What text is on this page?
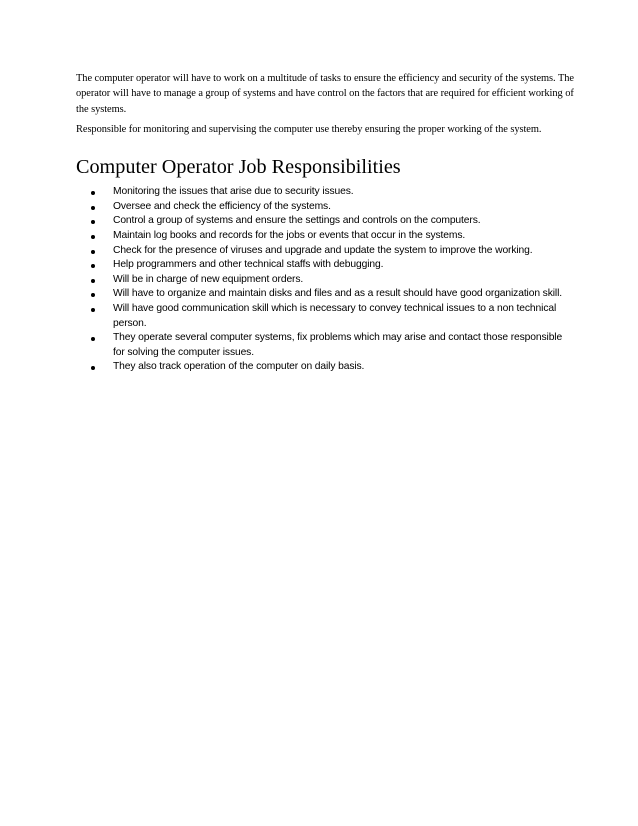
The computer operator will have to work on a multitude of tasks to ensure the efficiency and security of the systems. The operator will have to manage a group of systems and have control on the factors that are required for efficient working of the systems.

Responsible for monitoring and supervising the computer use thereby ensuring the proper working of the system.

Computer Operator Job Responsibilities
Monitoring the issues that arise due to security issues.
Oversee and check the efficiency of the systems.
Control a group of systems and ensure the settings and controls on the computers.
Maintain log books and records for the jobs or events that occur in the systems.
Check for the presence of viruses and upgrade and update the system to improve the working.
Help programmers and other technical staffs with debugging.
Will be in charge of new equipment orders.
Will have to organize and maintain disks and files and as a result should have good organization skill.
Will have good communication skill which is necessary to convey technical issues to a non technical person.
They operate several computer systems, fix problems which may arise and contact those responsible for solving the computer issues.
They also track operation of the computer on daily basis.
